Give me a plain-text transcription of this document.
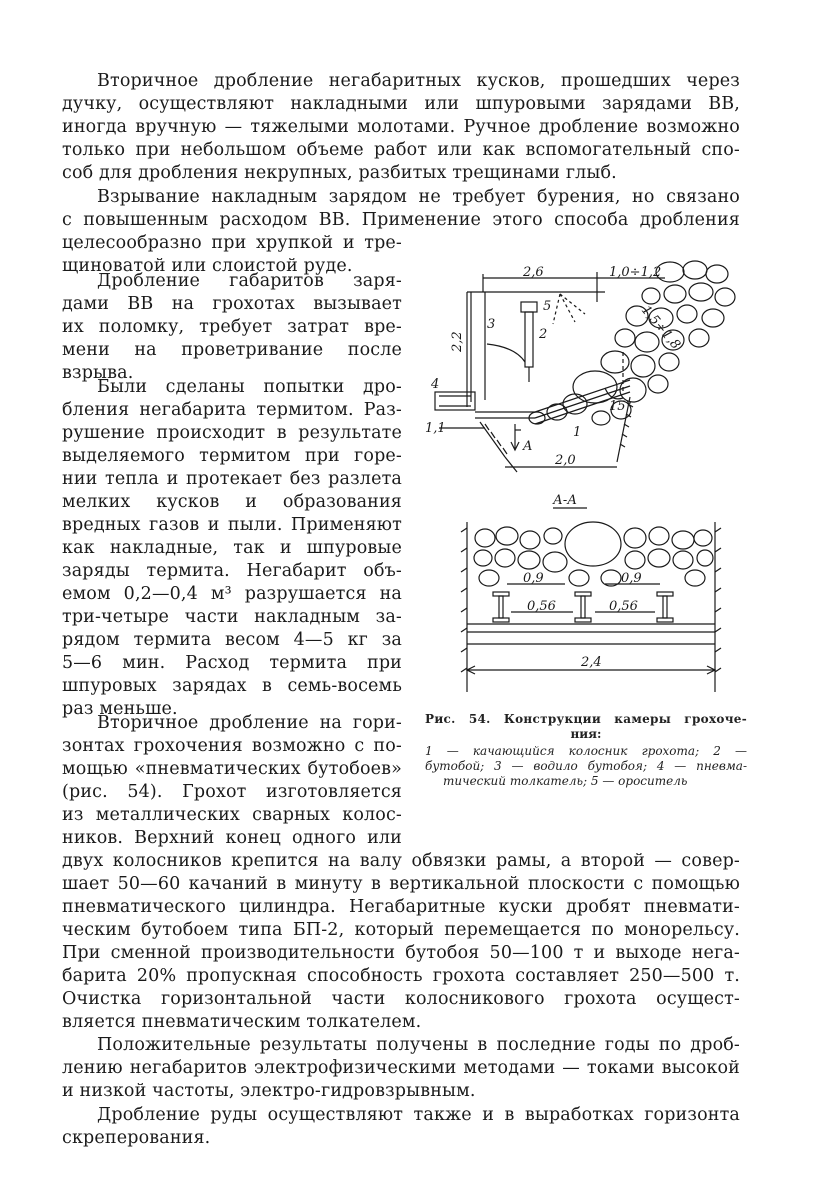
Вторичное дробление негабаритных кусков, прошедших через
дучку, осуществляют накладными или шпуровыми зарядами ВВ,
иногда вручную — тяжелыми молотами. Ручное дробление возможно
только при небольшом объеме работ или как вспомогательный спо-
соб для дробления некрупных, разбитых трещинами глыб.
Взрывание накладным зарядом не требует бурения, но связано
с повышенным расходом ВВ. Применение этого способа дробления
целесообразно при хрупкой и тре-
щиноватой или слоистой руде.
Дробление габаритов заря-
дами ВВ на грохотах вызывает
их поломку, требует затрат вре-
мени на проветривание после
взрыва.
Были сделаны попытки дро-
бления негабарита термитом. Раз-
рушение происходит в результате
выделяемого термитом при горе-
нии тепла и протекает без разлета
мелких кусков и образования
вредных газов и пыли. Применяют
как накладные, так и шпуровые
заряды термита. Негабарит объ-
емом 0,2—0,4 м³ разрушается на
три-четыре части накладным за-
рядом термита весом 4—5 кг за
5—6 мин. Расход термита при
шпуровых зарядах в семь-восемь
раз меньше.
Вторичное дробление на гори-
зонтах грохочения возможно с по-
мощью «пневматических бутобоев»
(рис. 54). Грохот изготовляется
из металлических сварных колос-
ников. Верхний конец одного или
двух колосников крепится на валу обвязки рамы, а второй — совер-
шает 50—60 качаний в минуту в вертикальной плоскости с помощью
пневматического цилиндра. Негабаритные куски дробят пневмати-
ческим бутобоем типа БП-2, который перемещается по монорельсу.
При сменной производительности бутобоя 50—100 т и выходе нега-
барита 20% пропускная способность грохота составляет 250—500 т.
Очистка горизонтальной части колосникового грохота осущест-
вляется пневматическим толкателем.
Положительные результаты получены в последние годы по дроб-
лению негабаритов электрофизическими методами — токами высокой
и низкой частоты, электро-гидровзрывным.
Дробление руды осуществляют также и в выработках горизонта
скреперования.
2,6	1,0÷1,2
1,5÷1,8
2,2
5
2
3
4
1
15°
1,1
A
2,0
А-А
0,9	0,9
0,56	0,56
2,4
Рис. 54. Конструкции камеры грохоче-
ния:
1 — качающийся колосник грохота; 2 —
бутобой; 3 — водило бутобоя; 4 — пневма-
тический толкатель; 5 — ороситель
